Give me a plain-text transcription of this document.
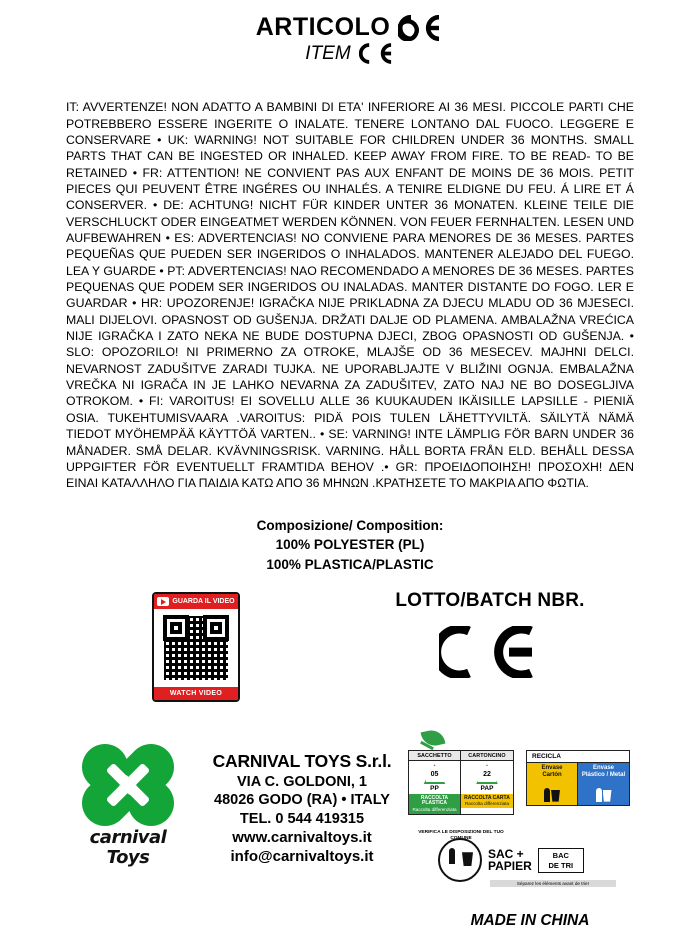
ARTICOLO
ITEM
IT: AVVERTENZE! NON ADATTO A BAMBINI DI ETA' INFERIORE AI 36 MESI. PICCOLE PARTI CHE POTREBBERO ESSERE INGERITE O INALATE. TENERE LONTANO DAL FUOCO. LEGGERE E CONSERVARE • UK: WARNING! NOT SUITABLE FOR CHILDREN UNDER 36 MONTHS. SMALL PARTS THAT CAN BE INGESTED OR INHALED. KEEP AWAY FROM FIRE. TO BE READ- TO BE RETAINED • FR: ATTENTION! NE CONVIENT PAS AUX ENFANT DE MOINS DE 36 MOIS. PETIT PIECES QUI PEUVENT ÊTRE INGÉRES OU INHALÉS. A TENIRE ELDIGNE DU FEU. Á LIRE ET Á CONSERVER. • DE: ACHTUNG! NICHT FÜR KINDER UNTER 36 MONATEN. KLEINE TEILE DIE VERSCHLUCKT ODER EINGEATMET WERDEN KÖNNEN. VON FEUER FERNHALTEN. LESEN UND AUFBEWAHREN • ES: ADVERTENCIAS! NO CONVIENE PARA MENORES DE 36 MESES. PARTES PEQUEÑAS QUE PUEDEN SER INGERIDOS O INHALADOS. MANTENER ALEJADO DEL FUEGO. LEA Y GUARDE • PT: ADVERTENCIAS! NAO RECOMENDADO A MENORES DE 36 MESES. PARTES PEQUENAS QUE PODEM SER INGERIDOS OU INALADAS. MANTER DISTANTE DO FOGO. LER E GUARDAR • HR: UPOZORENJE! IGRAČKA NIJE PRIKLADNA ZA DJECU MLADU OD 36 MJESECI. MALI DIJELOVI. OPASNOST OD GUŠENJA. DRŽATI DALJE OD PLAMENA. AMBALAŽNA VREĆICA NIJE IGRAČKA I ZATO NEKA NE BUDE DOSTUPNA DJECI, ZBOG OPASNOSTI OD GUŠENJA. • SLO: OPOZORILO! NI PRIMERNO ZA OTROKE, MLAJŠE OD 36 MESECEV. MAJHNI DELCI. NEVARNOST ZADUŠITVE ZARADI TUJKA. NE UPORABLJAJTE V BLIŽINI OGNJA. EMBALAŽNA VREČKA NI IGRAČA IN JE LAHKO NEVARNA ZA ZADUŠITEV, ZATO NAJ NE BO DOSEGLJIVA OTROKOM. • FI: VAROITUS! EI SOVELLU ALLE 36 KUUKAUDEN IKÄISILLE LAPSILLE - PIENIÄ OSIA. TUKEHTUMISVAARA .VAROITUS: PIDÄ POIS TULEN LÄHETTYVILTÄ. SÄILYTÄ NÄMÄ TIEDOT MYÖHEMPÄÄ KÄYTTÖÄ VARTEN.. • SE: VARNING! INTE LÄMPLIG FÖR BARN UNDER 36 MÅNADER. SMÅ DELAR. KVÄVNINGSRISK. VARNING. HÅLL BORTA FRÅN ELD. BEHÅLL DESSA UPPGIFTER FÖR EVENTUELLT FRAMTIDA BEHOV .• GR: ΠΡΟΕΙΔΟΠΟΙΗΣΗ! ΠΡΟΣΟΧΗ! ΔΕΝ ΕΙΝΑΙ ΚΑΤΑΛΛΗΛΟ ΓΙΑ ΠΑΙΔΙΑ ΚΑΤΩ ΑΠΟ 36 ΜΗΝΩΝ .ΚΡΑΤΗΣΕΤΕ ΤΟ ΜΑΚΡΙΑ ΑΠΟ ΦΩΤΙΑ.
Composizione/ Composition:
100% POLYESTER (PL)
100% PLASTICA/PLASTIC
GUARDA IL VIDEO
WATCH VIDEO
LOTTO/BATCH NBR.
carnival
Toys
CARNIVAL TOYS S.r.l.
VIA C. GOLDONI, 1
48026 GODO (RA) • ITALY
TEL. 0 544 419315
www.carnivaltoys.it
info@carnivaltoys.it
SACCHETTO
05
PP
RACCOLTA PLASTICA
Raccolta differenziata
CARTONCINO
22
PAP
RACCOLTA CARTA
Raccolta differenziata
VERIFICA LE DISPOSIZIONI DEL TUO COMUNE
RECICLA
Envase
Cartón
Envase
Plástico / Metal
SAC +
PAPIER
BAC
DE TRI
Séparez les éléments avant de trier
MADE IN CHINA
